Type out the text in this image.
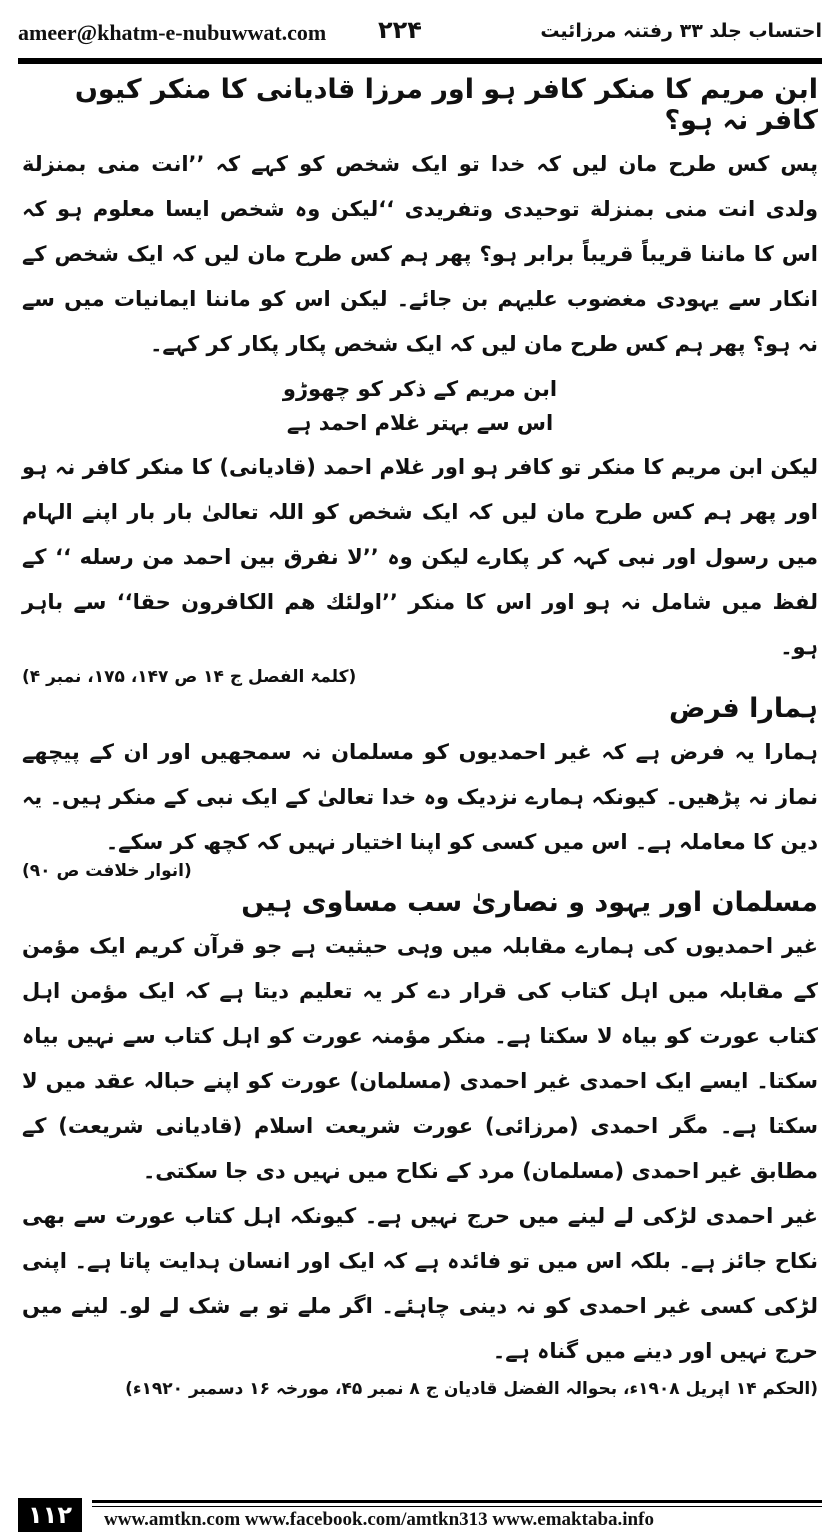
ameer@khatm-e-nubuwwat.com ۲۲۴	احتساب جلد ۳۳ رفتنہ مرزائیت
ابن مریم کا منکر کافر ہو اور مرزا قادیانی کا منکر کیوں کافر نہ ہو؟

پس کس طرح مان لیں کہ خدا تو ایک شخص کو کہے کہ ’’انت منی بمنزلة ولدی انت منی بمنزلة توحیدی وتفریدی ‘‘لیکن وہ شخص ایسا معلوم ہو کہ اس کا ماننا قریباً قریباً برابر ہو؟ پھر ہم کس طرح مان لیں کہ ایک شخص کے انکار سے یہودی مغضوب علیہم بن جائے۔ لیکن اس کو ماننا ایمانیات میں سے نہ ہو؟ پھر ہم کس طرح مان لیں کہ ایک شخص پکار پکار کر کہے۔

ابن مریم کے ذکر کو چھوڑو
اس سے بہتر غلام احمد ہے

لیکن ابن مریم کا منکر تو کافر ہو اور غلام احمد (قادیانی) کا منکر کافر نہ ہو اور پھر ہم کس طرح مان لیں کہ ایک شخص کو اللہ تعالیٰ بار بار اپنے الہام میں رسول اور نبی کہہ کر پکارے لیکن وہ ’’لا نفرق بین احمد من رسله ‘‘ کے لفظ میں شامل نہ ہو اور اس کا منکر ’’اولئك هم الكافرون حقا‘‘ سے باہر ہو۔

(کلمۃ الفصل ج ۱۴ ص ۱۴۷، ۱۷۵، نمبر ۴)
ہمارا فرض

ہمارا یہ فرض ہے کہ غیر احمدیوں کو مسلمان نہ سمجھیں اور ان کے پیچھے نماز نہ پڑھیں۔ کیونکہ ہمارے نزدیک وہ خدا تعالیٰ کے ایک نبی کے منکر ہیں۔ یہ دین کا معاملہ ہے۔ اس میں کسی کو اپنا اختیار نہیں کہ کچھ کر سکے۔

(انوار خلافت ص ۹۰)
مسلمان اور یہود و نصاریٰ سب مساوی ہیں

غیر احمدیوں کی ہمارے مقابلہ میں وہی حیثیت ہے جو قرآن کریم ایک مؤمن کے مقابلہ میں اہل کتاب کی قرار دے کر یہ تعلیم دیتا ہے کہ ایک مؤمن اہل کتاب عورت کو بیاہ لا سکتا ہے۔ منکر مؤمنہ عورت کو اہل کتاب سے نہیں بیاہ سکتا۔ ایسے ایک احمدی غیر احمدی (مسلمان) عورت کو اپنے حبالہ عقد میں لا سکتا ہے۔ مگر احمدی (مرزائی) عورت شریعت اسلام (قادیانی شریعت) کے مطابق غیر احمدی (مسلمان) مرد کے نکاح میں نہیں دی جا سکتی۔

غیر احمدی لڑکی لے لینے میں حرج نہیں ہے۔ کیونکہ اہل کتاب عورت سے بھی نکاح جائز ہے۔ بلکہ اس میں تو فائدہ ہے کہ ایک اور انسان ہدایت پاتا ہے۔ اپنی لڑکی کسی غیر احمدی کو نہ دینی چاہئے۔ اگر ملے تو بے شک لے لو۔ لینے میں حرج نہیں اور دینے میں گناہ ہے۔

(الحکم ۱۴ اپریل ۱۹۰۸ء، بحوالہ الفضل قادیان ج ۸ نمبر ۴۵، مورخہ ۱۶ دسمبر ۱۹۲۰ء)
۱۱۲	www.amtkn.com www.facebook.com/amtkn313 www.emaktaba.info
